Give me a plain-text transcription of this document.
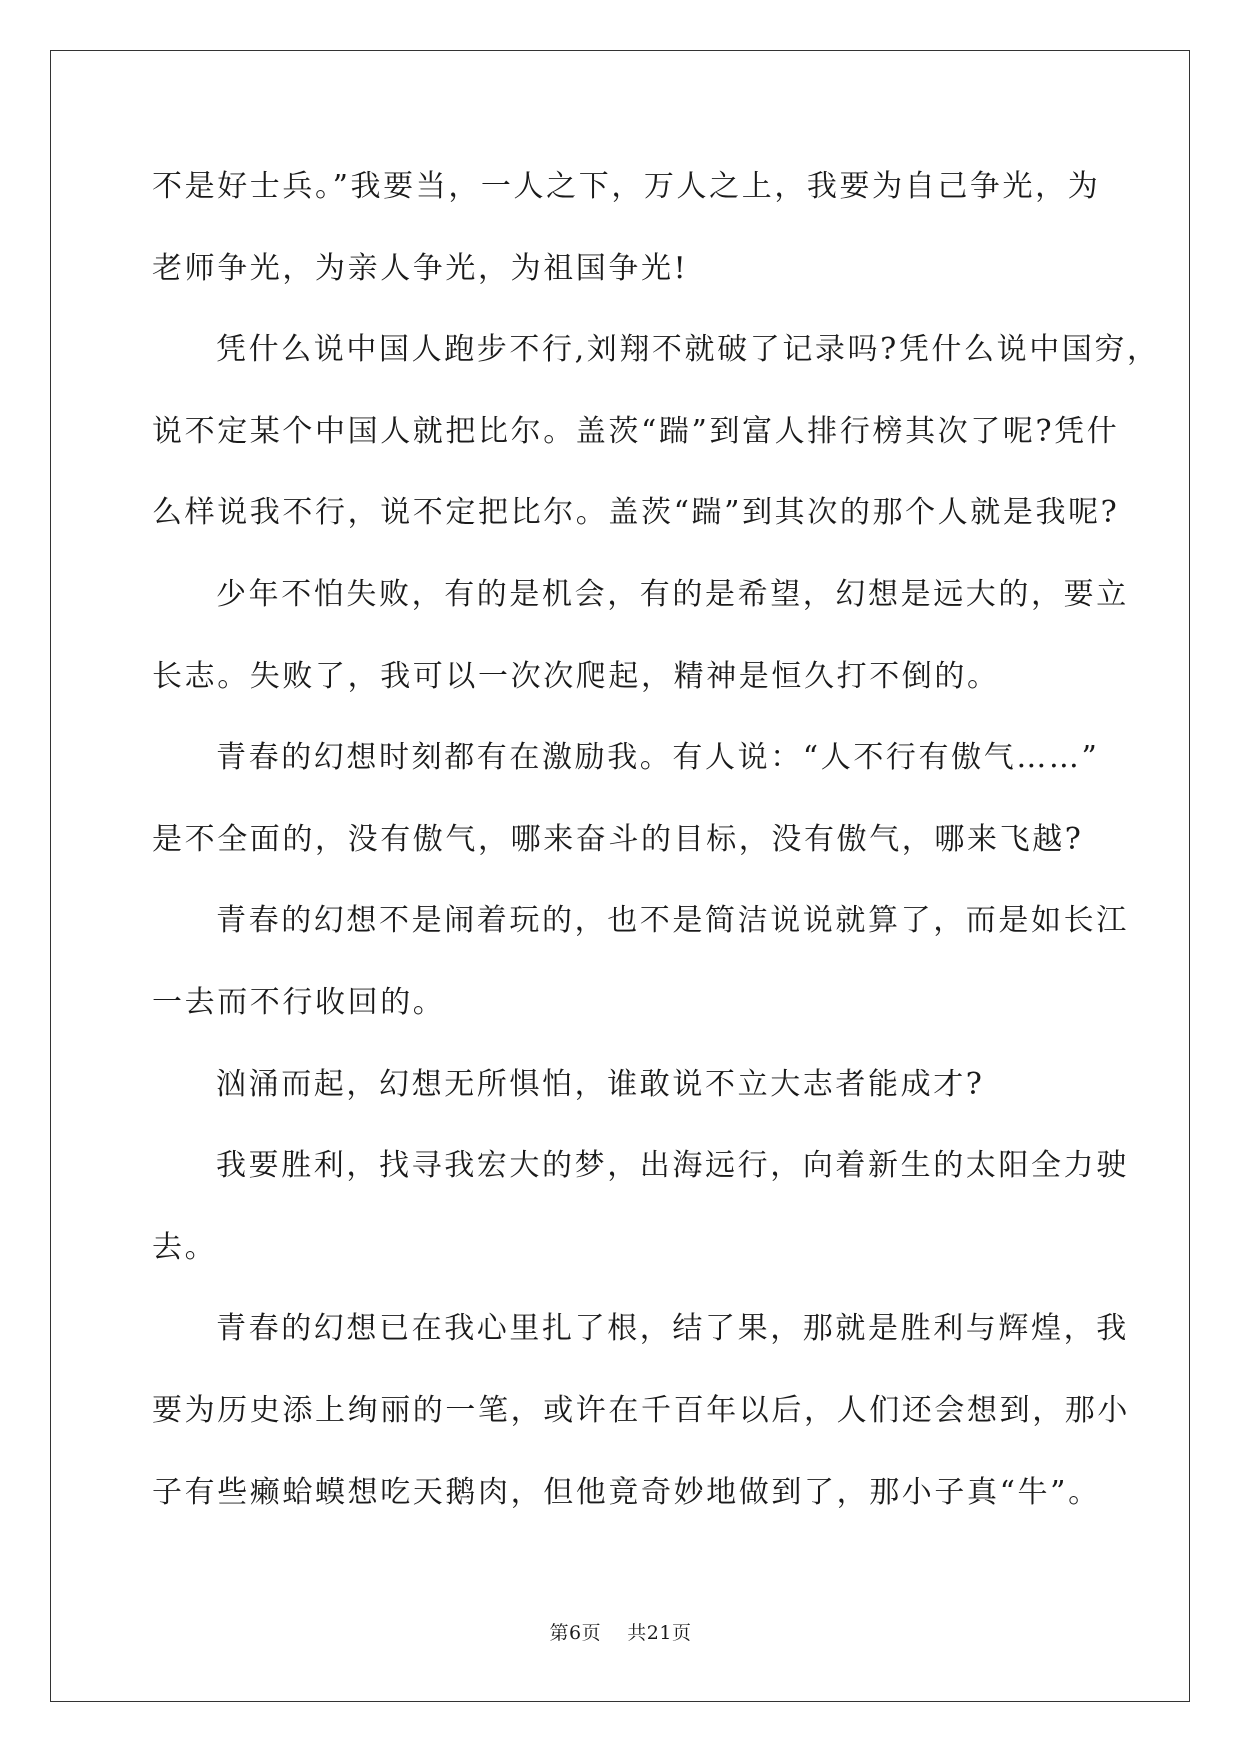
不是好士兵。”我要当，一人之下，万人之上，我要为自己争光，为
老师争光，为亲人争光，为祖国争光!
凭什么说中国人跑步不行,刘翔不就破了记录吗?凭什么说中国穷，
说不定某个中国人就把比尔。盖茨“踹”到富人排行榜其次了呢?凭什
么样说我不行，说不定把比尔。盖茨“踹”到其次的那个人就是我呢?
少年不怕失败，有的是机会，有的是希望，幻想是远大的，要立
长志。失败了，我可以一次次爬起，精神是恒久打不倒的。
青春的幻想时刻都有在激励我。有人说：“人不行有傲气……”
是不全面的，没有傲气，哪来奋斗的目标，没有傲气，哪来飞越?
青春的幻想不是闹着玩的，也不是简洁说说就算了，而是如长江
一去而不行收回的。
汹涌而起，幻想无所惧怕，谁敢说不立大志者能成才?
我要胜利，找寻我宏大的梦，出海远行，向着新生的太阳全力驶
去。
青春的幻想已在我心里扎了根，结了果，那就是胜利与辉煌，我
要为历史添上绚丽的一笔，或许在千百年以后，人们还会想到，那小
子有些癞蛤蟆想吃天鹅肉，但他竟奇妙地做到了，那小子真“牛”。
第6页 共21页
